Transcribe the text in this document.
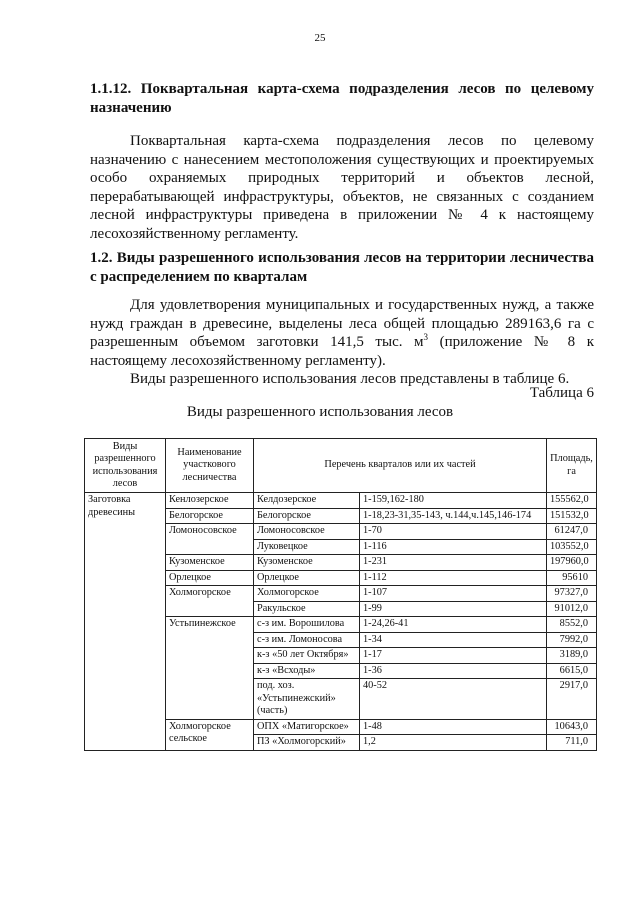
25
1.1.12. Поквартальная карта-схема подразделения лесов по целевому назначению
Поквартальная карта-схема подразделения лесов по целевому назначению с нанесением местоположения существующих и проектируемых особо охраняемых природных территорий и объектов лесной, перерабатывающей инфраструктуры, объектов, не связанных с созданием лесной инфраструктуры приведена в приложении № 4 к настоящему лесохозяйственному регламенту.
1.2. Виды разрешенного использования лесов на территории лесничества с распределением по кварталам
Для удовлетворения муниципальных и государственных нужд, а также нужд граждан в древесине, выделены леса общей площадью 289163,6 га с разрешенным объемом заготовки 141,5 тыс. $м^3$ (приложение № 8 к настоящему лесохозяйственному регламенту).
Виды разрешенного использования лесов представлены в таблице 6.
Таблица 6
Виды разрешенного использования лесов
Виды разрешенного использования лесов	Наименование участкового лесничества	Перечень кварталов или их частей		Площадь, га
Заготовка древесины	Кенлозерское	Келдозерское	1-159,162-180	155562,0
	Белогорское	Белогорское	1-18,23-31,35-143, ч.144,ч.145,146-174	151532,0
	Ломоносовское	Ломоносовское	1-70	61247,0
		Луковецкое	1-116	103552,0
	Кузоменское	Кузоменское	1-231	197960,0
	Орлецкое	Орлецкое	1-112	95610
	Холмогорское	Холмогорское	1-107	97327,0
		Ракульское	1-99	91012,0
	Устьпинежское	с-з им. Ворошилова	1-24,26-41	8552,0
		с-з им. Ломоносова	1-34	7992,0
		к-з «50 лет Октября»	1-17	3189,0
		к-з «Всходы»	1-36	6615,0
		под. хоз. «Устьпинежский» (часть)	40-52	2917,0
	Холмогорское сельское	ОПХ «Матигорское»	1-48	10643,0
		ПЗ «Холмогорский»	1,2	711,0
